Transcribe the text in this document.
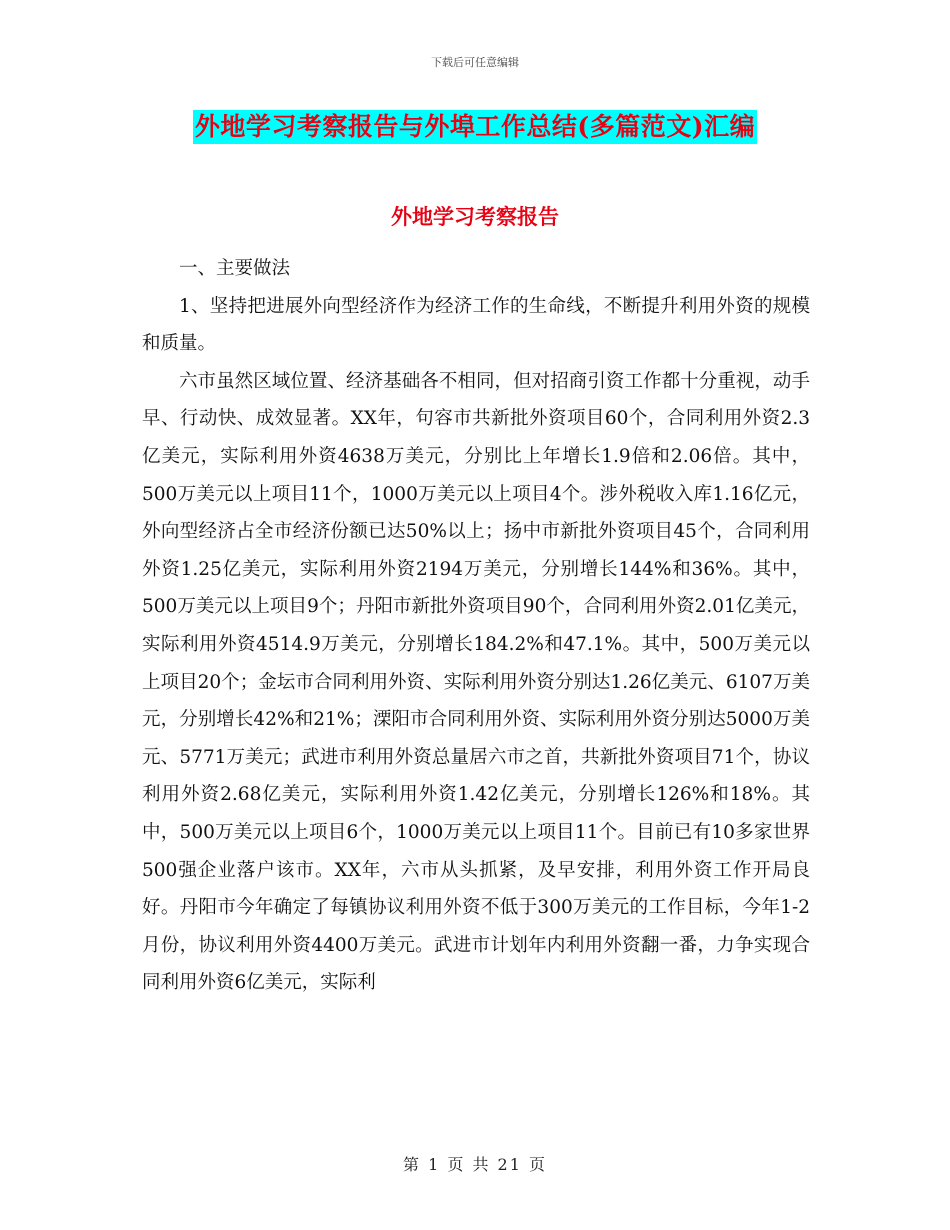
下载后可任意编辑
外地学习考察报告与外埠工作总结(多篇范文)汇编
外地学习考察报告

一、主要做法

1、坚持把进展外向型经济作为经济工作的生命线，不断提升利用外资的规模和质量。

六市虽然区域位置、经济基础各不相同，但对招商引资工作都十分重视，动手早、行动快、成效显著。XX年，句容市共新批外资项目60个，合同利用外资2.3亿美元，实际利用外资4638万美元，分别比上年增长1.9倍和2.06倍。其中，500万美元以上项目11个，1000万美元以上项目4个。涉外税收入库1.16亿元，外向型经济占全市经济份额已达50%以上；扬中市新批外资项目45个，合同利用外资1.25亿美元，实际利用外资2194万美元，分别增长144%和36%。其中，500万美元以上项目9个；丹阳市新批外资项目90个，合同利用外资2.01亿美元，实际利用外资4514.9万美元，分别增长184.2%和47.1%。其中，500万美元以上项目20个；金坛市合同利用外资、实际利用外资分别达1.26亿美元、6107万美元，分别增长42%和21%；溧阳市合同利用外资、实际利用外资分别达5000万美元、5771万美元；武进市利用外资总量居六市之首，共新批外资项目71个，协议利用外资2.68亿美元，实际利用外资1.42亿美元，分别增长126%和18%。其中，500万美元以上项目6个，1000万美元以上项目11个。目前已有10多家世界500强企业落户该市。XX年，六市从头抓紧，及早安排，利用外资工作开局良好。丹阳市今年确定了每镇协议利用外资不低于300万美元的工作目标，今年1-2月份，协议利用外资4400万美元。武进市计划年内利用外资翻一番，力争实现合同利用外资6亿美元，实际利

第 1 页 共 21 页
